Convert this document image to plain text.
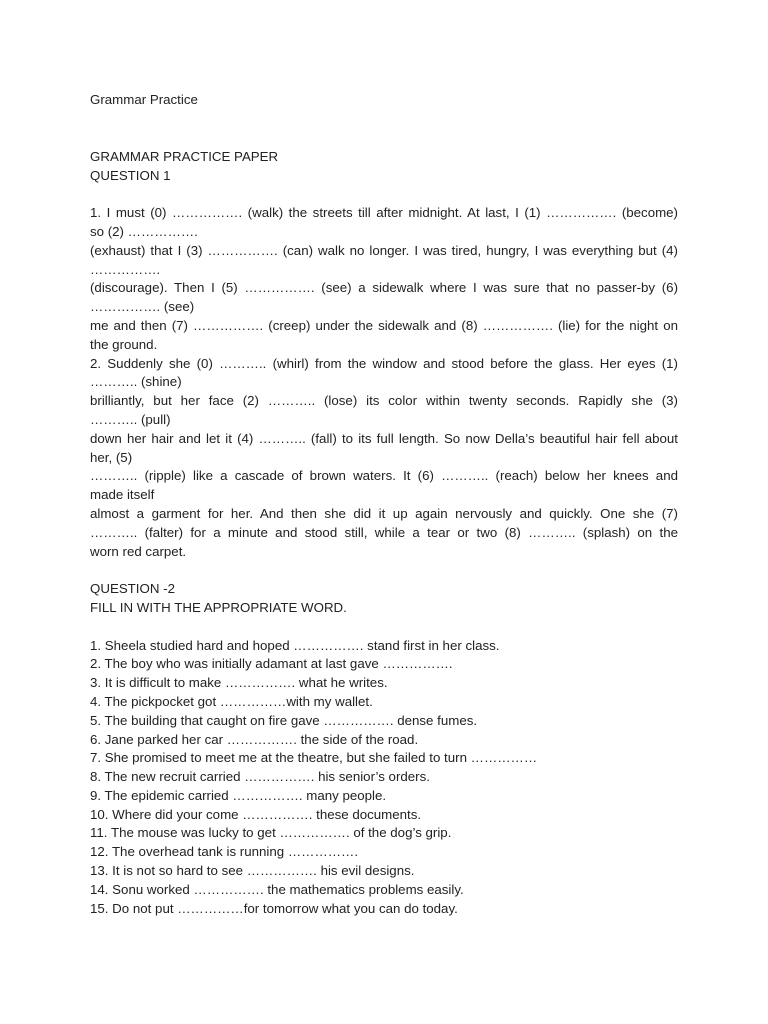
Grammar Practice

GRAMMAR PRACTICE PAPER

QUESTION 1

1. I must (0) ……………. (walk) the streets till after midnight. At last, I (1) ……………. (become)

so (2) …………….

(exhaust) that I (3) ……………. (can) walk no longer. I was tired, hungry, I was everything but (4)

…………….

(discourage). Then I (5) ……………. (see) a sidewalk where I was sure that no passer-by (6)

……………. (see)

me and then (7) ……………. (creep) under the sidewalk and (8) ……………. (lie) for the night on

the ground.

2. Suddenly she (0) ……….. (whirl) from the window and stood before the glass. Her eyes (1)

……….. (shine)

brilliantly, but her face (2) ……….. (lose) its color within twenty seconds. Rapidly she (3)

……….. (pull)

down her hair and let it (4) ……….. (fall) to its full length. So now Della’s beautiful hair fell about

her, (5)

……….. (ripple) like a cascade of brown waters. It (6) ……….. (reach) below her knees and

made itself

almost a garment for her. And then she did it up again nervously and quickly. One she (7)

……….. (falter) for a minute and stood still, while a tear or two (8) ……….. (splash) on the

worn red carpet.

QUESTION -2

FILL IN WITH THE APPROPRIATE WORD.

1. Sheela studied hard and hoped ……………. stand first in her class.

2. The boy who was initially adamant at last gave …………….

3. It is difficult to make ……………. what he writes.

4. The pickpocket got ……………with my wallet.

5. The building that caught on fire gave ……………. dense fumes.

6. Jane parked her car ……………. the side of the road.

7. She promised to meet me at the theatre, but she failed to turn ……………

8. The new recruit carried ……………. his senior’s orders.

9. The epidemic carried ……………. many people.

10. Where did your come ……………. these documents.

11. The mouse was lucky to get ……………. of the dog’s grip.

12. The overhead tank is running …………….

13. It is not so hard to see ……………. his evil designs.

14. Sonu worked ……………. the mathematics problems easily.

15. Do not put ……………for tomorrow what you can do today.
